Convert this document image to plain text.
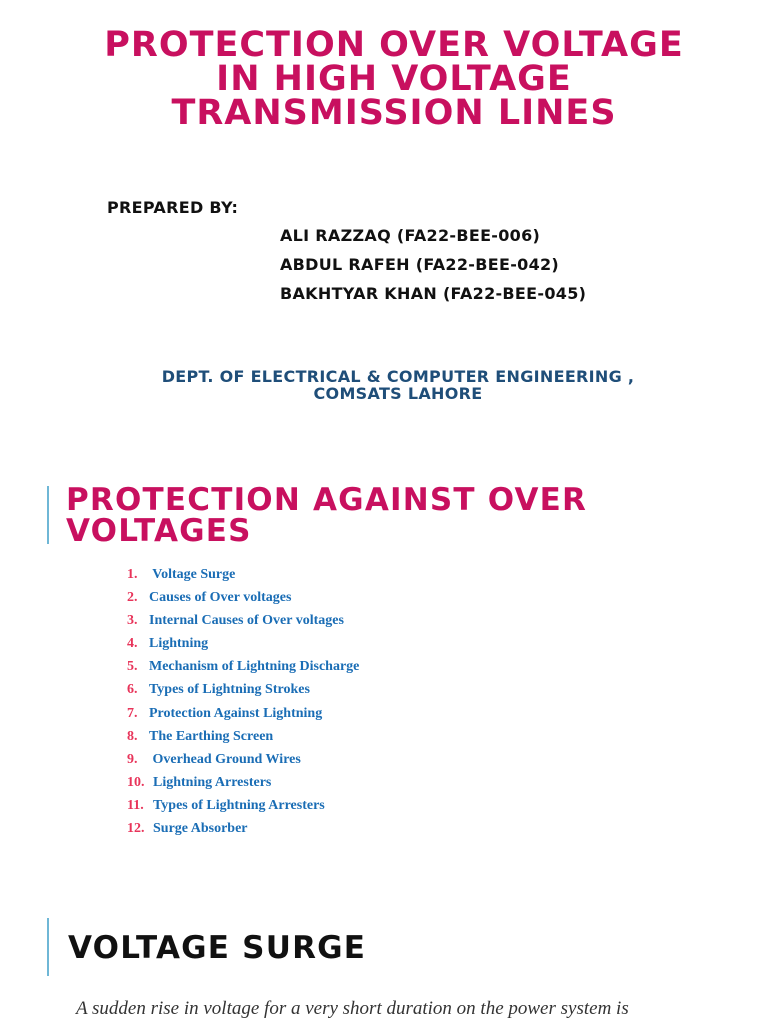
PROTECTION OVER VOLTAGE
IN HIGH VOLTAGE
TRANSMISSION LINES

PREPARED BY:

ALI RAZZAQ (FA22-BEE-006)
ABDUL RAFEH (FA22-BEE-042)
BAKHTYAR KHAN (FA22-BEE-045)

DEPT. OF ELECTRICAL & COMPUTER ENGINEERING ,
COMSATS LAHORE

PROTECTION AGAINST OVER
VOLTAGES
1. Voltage Surge
2. Causes of Over voltages
3. Internal Causes of Over voltages
4. Lightning
5. Mechanism of Lightning Discharge
6. Types of Lightning Strokes
7. Protection Against Lightning
8. The Earthing Screen
9. Overhead Ground Wires
10. Lightning Arresters
11. Types of Lightning Arresters
12. Surge Absorber
VOLTAGE SURGE

A sudden rise in voltage for a very short duration on the power system is
